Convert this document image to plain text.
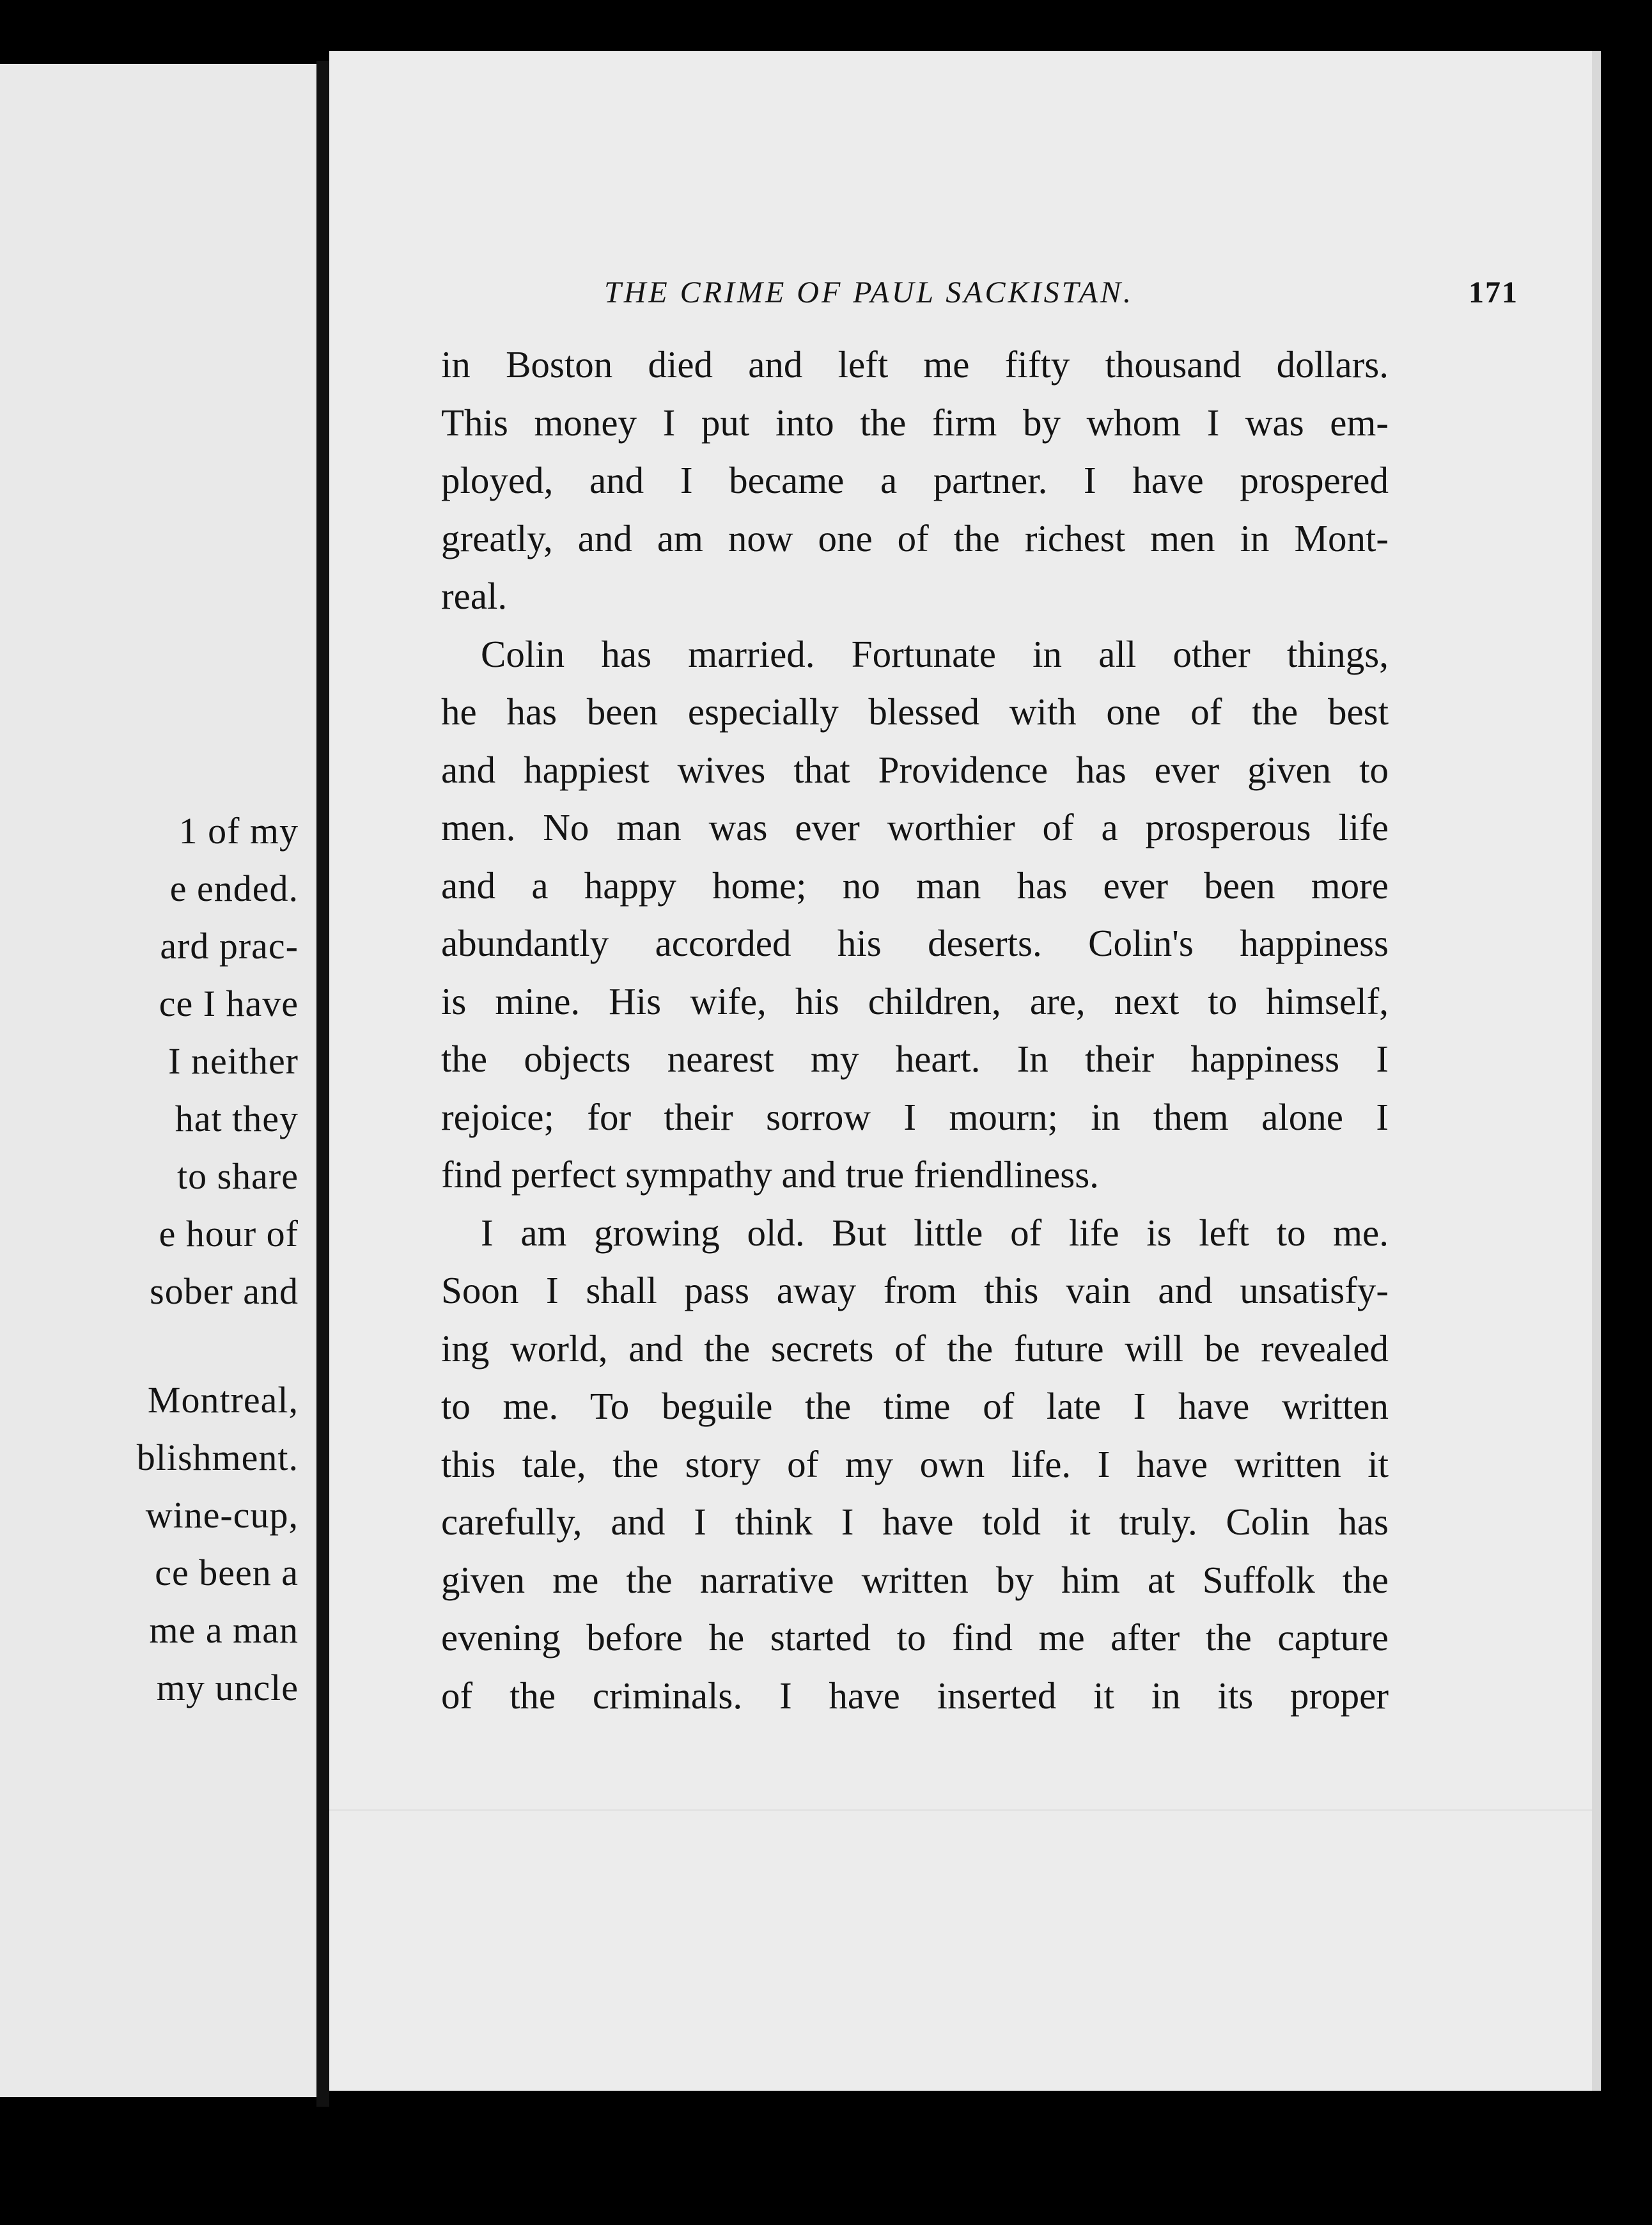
1 of my
e ended.
ard prac-
ce I have
I neither
hat they
to share
e hour of
sober and
Montreal,
blishment.
wine-cup,
ce been a
me a man
my uncle
THE CRIME OF PAUL SACKISTAN.	171
in Boston died and left me fifty thousand dollars.
This money I put into the firm by whom I was em-
ployed, and I became a partner. I have prospered
greatly, and am now one of the richest men in Mont-
real.
Colin has married. Fortunate in all other things,
he has been especially blessed with one of the best
and happiest wives that Providence has ever given to
men. No man was ever worthier of a prosperous life
and a happy home; no man has ever been more
abundantly accorded his deserts. Colin's happiness
is mine. His wife, his children, are, next to himself,
the objects nearest my heart. In their happiness I
rejoice; for their sorrow I mourn; in them alone I
find perfect sympathy and true friendliness.
I am growing old. But little of life is left to me.
Soon I shall pass away from this vain and unsatisfy-
ing world, and the secrets of the future will be revealed
to me. To beguile the time of late I have written
this tale, the story of my own life. I have written it
carefully, and I think I have told it truly. Colin has
given me the narrative written by him at Suffolk the
evening before he started to find me after the capture
of the criminals. I have inserted it in its proper
